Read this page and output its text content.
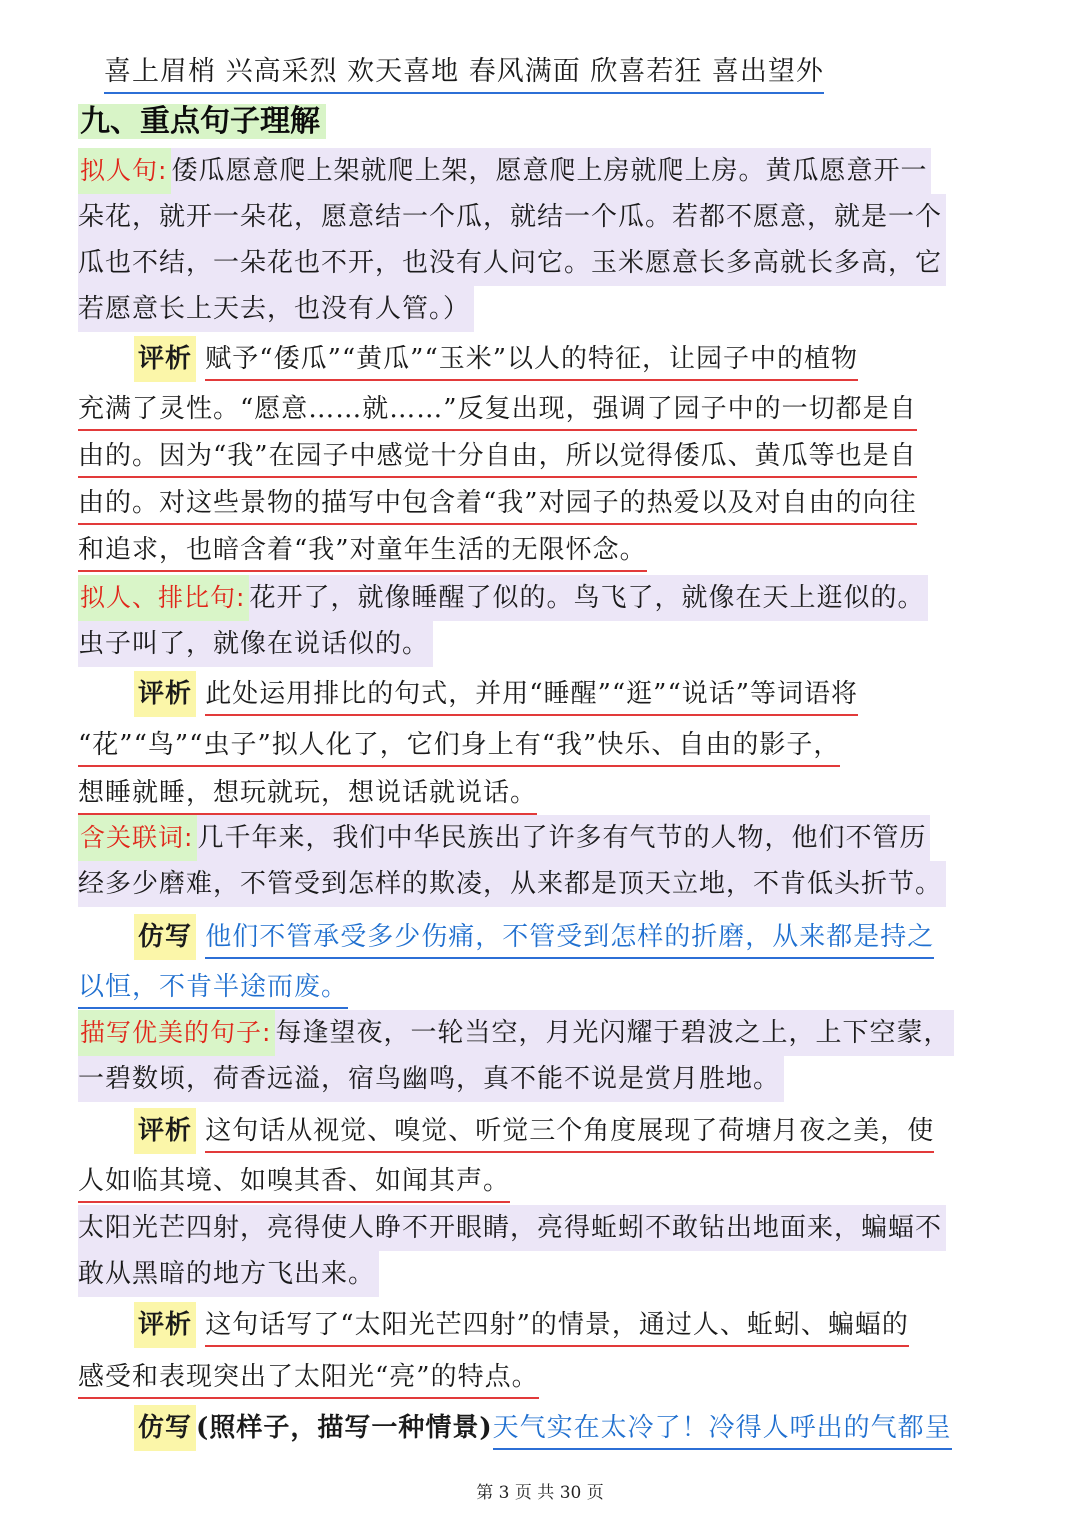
喜上眉梢 兴高采烈 欢天喜地 春风满面 欣喜若狂 喜出望外
九、重点句子理解
拟人句: 倭瓜愿意爬上架就爬上架，愿意爬上房就爬上房。黄瓜愿意开一
朵花，就开一朵花，愿意结一个瓜，就结一个瓜。若都不愿意，就是一个
瓜也不结，一朵花也不开，也没有人问它。玉米愿意长多高就长多高，它
若愿意长上天去，也没有人管。）
评析 赋予“倭瓜”“黄瓜”“玉米”以人的特征，让园子中的植物
充满了灵性。“愿意……就……”反复出现，强调了园子中的一切都是自
由的。因为“我”在园子中感觉十分自由，所以觉得倭瓜、黄瓜等也是自
由的。对这些景物的描写中包含着“我”对园子的热爱以及对自由的向往
和追求，也暗含着“我”对童年生活的无限怀念。
拟人、排比句: 花开了，就像睡醒了似的。鸟飞了，就像在天上逛似的。
虫子叫了，就像在说话似的。
评析 此处运用排比的句式，并用“睡醒”“逛”“说话”等词语将
“花”“鸟”“虫子”拟人化了，它们身上有“我”快乐、自由的影子，
想睡就睡，想玩就玩，想说话就说话。
含关联词: 几千年来，我们中华民族出了许多有气节的人物，他们不管历
经多少磨难，不管受到怎样的欺凌，从来都是顶天立地，不肯低头折节。
仿写 他们不管承受多少伤痛，不管受到怎样的折磨，从来都是持之
以恒，不肯半途而废。
描写优美的句子: 每逢望夜，一轮当空，月光闪耀于碧波之上，上下空蒙，
一碧数顷，荷香远溢，宿鸟幽鸣，真不能不说是赏月胜地。
评析 这句话从视觉、嗅觉、听觉三个角度展现了荷塘月夜之美，使
人如临其境、如嗅其香、如闻其声。
太阳光芒四射，亮得使人睁不开眼睛，亮得蚯蚓不敢钻出地面来，蝙蝠不
敢从黑暗的地方飞出来。
评析 这句话写了“太阳光芒四射”的情景，通过人、蚯蚓、蝙蝠的
感受和表现突出了太阳光“亮”的特点。
仿写 (照样子，描写一种情景)天气实在太冷了！冷得人呼出的气都呈
第 3 页 共 30 页
